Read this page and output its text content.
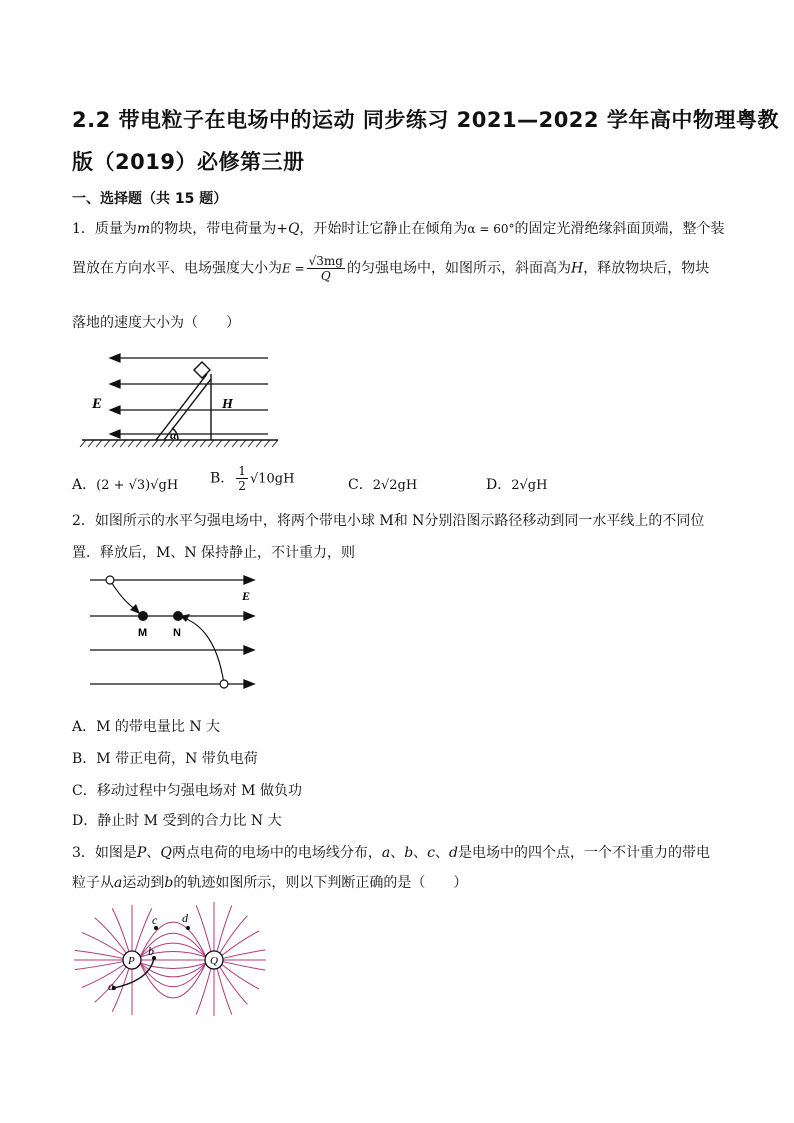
2.2 带电粒子在电场中的运动 同步练习 2021—2022 学年高中物理粤教
版（2019）必修第三册
一、选择题（共 15 题）
1．质量为m的物块，带电荷量为+Q，开始时让它静止在倾角为α = 60°的固定光滑绝缘斜面顶端，整个装
置放在方向水平、电场强度大小为$E = \frac{√3mg}{Q}$ 的匀强电场中，如图所示，斜面高为H，释放物块后，物块
落地的速度大小为（　　）
E	H
α
A．(2 + √3)√gH B． $\frac{1}{2} √10gH$	C．2√2gH	D．2√gH
2．如图所示的水平匀强电场中，将两个带电小球 M和 N分别沿图示路径移动到同一水平线上的不同位
置．释放后，M、N 保持静止，不计重力，则
M N
E
A．M 的带电量比 N 大
B．M 带正电荷，N 带负电荷
C．移动过程中匀强电场对 M 做负功
D．静止时 M 受到的合力比 N 大
3．如图是P、Q两点电荷的电场中的电场线分布，a、b、c、d是电场中的四个点，一个不计重力的带电
粒子从a运动到b的轨迹如图所示，则以下判断正确的是（　　）
P	Q
a
b
c d
